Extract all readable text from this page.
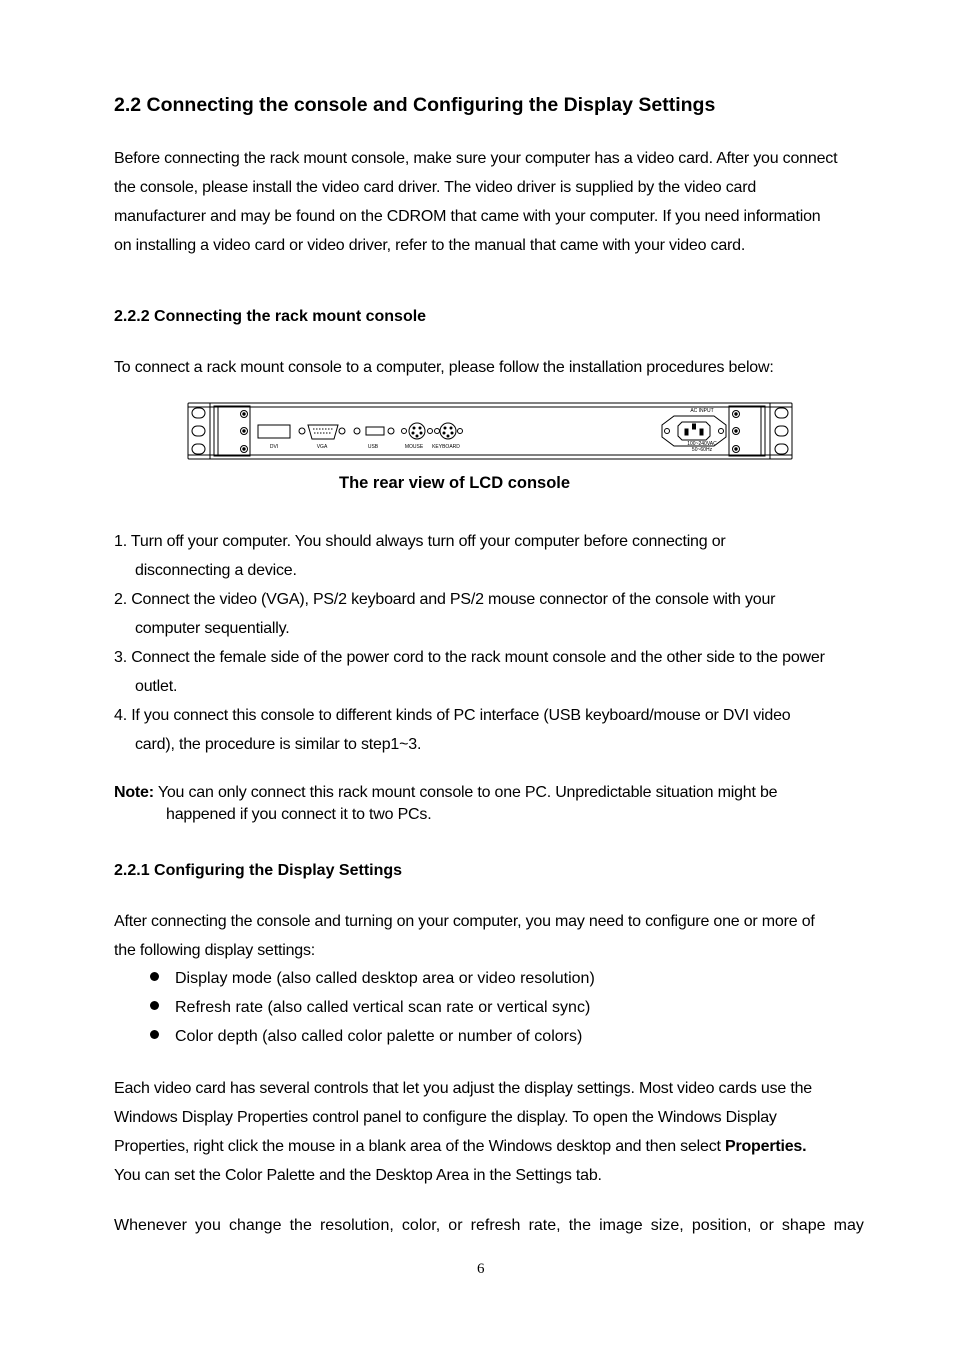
2.2 Connecting the console and Configuring the Display Settings
Before connecting the rack mount console, make sure your computer has a video card. After you connect
the console, please install the video card driver. The video driver is supplied by the video card
manufacturer and may be found on the CDROM that came with your computer. If you need information
on installing a video card or video driver, refer to the manual that came with your video card.
2.2.2 Connecting the rack mount console
To connect a rack mount console to a computer, please follow the installation procedures below:
DVI	VGA	USB	MOUSE KEYBOARD
AC INPUT
100~240VAC
50~60Hz
The rear view of LCD console
1. Turn off your computer. You should always turn off your computer before connecting or
disconnecting a device.
2. Connect the video (VGA), PS/2 keyboard and PS/2 mouse connector of the console with your
computer sequentially.
3. Connect the female side of the power cord to the rack mount console and the other side to the power
outlet.
4. If you connect this console to different kinds of PC interface (USB keyboard/mouse or DVI video
card), the procedure is similar to step1~3.
Note: You can only connect this rack mount console to one PC. Unpredictable situation might be
happened if you connect it to two PCs.
2.2.1 Configuring the Display Settings
After connecting the console and turning on your computer, you may need to configure one or more of
the following display settings:
Display mode (also called desktop area or video resolution)
Refresh rate (also called vertical scan rate or vertical sync)
Color depth (also called color palette or number of colors)
Each video card has several controls that let you adjust the display settings. Most video cards use the
Windows Display Properties control panel to configure the display. To open the Windows Display
Properties, right click the mouse in a blank area of the Windows desktop and then select Properties.
You can set the Color Palette and the Desktop Area in the Settings tab.
Whenever you change the resolution, color, or refresh rate, the image size, position, or shape may
6
